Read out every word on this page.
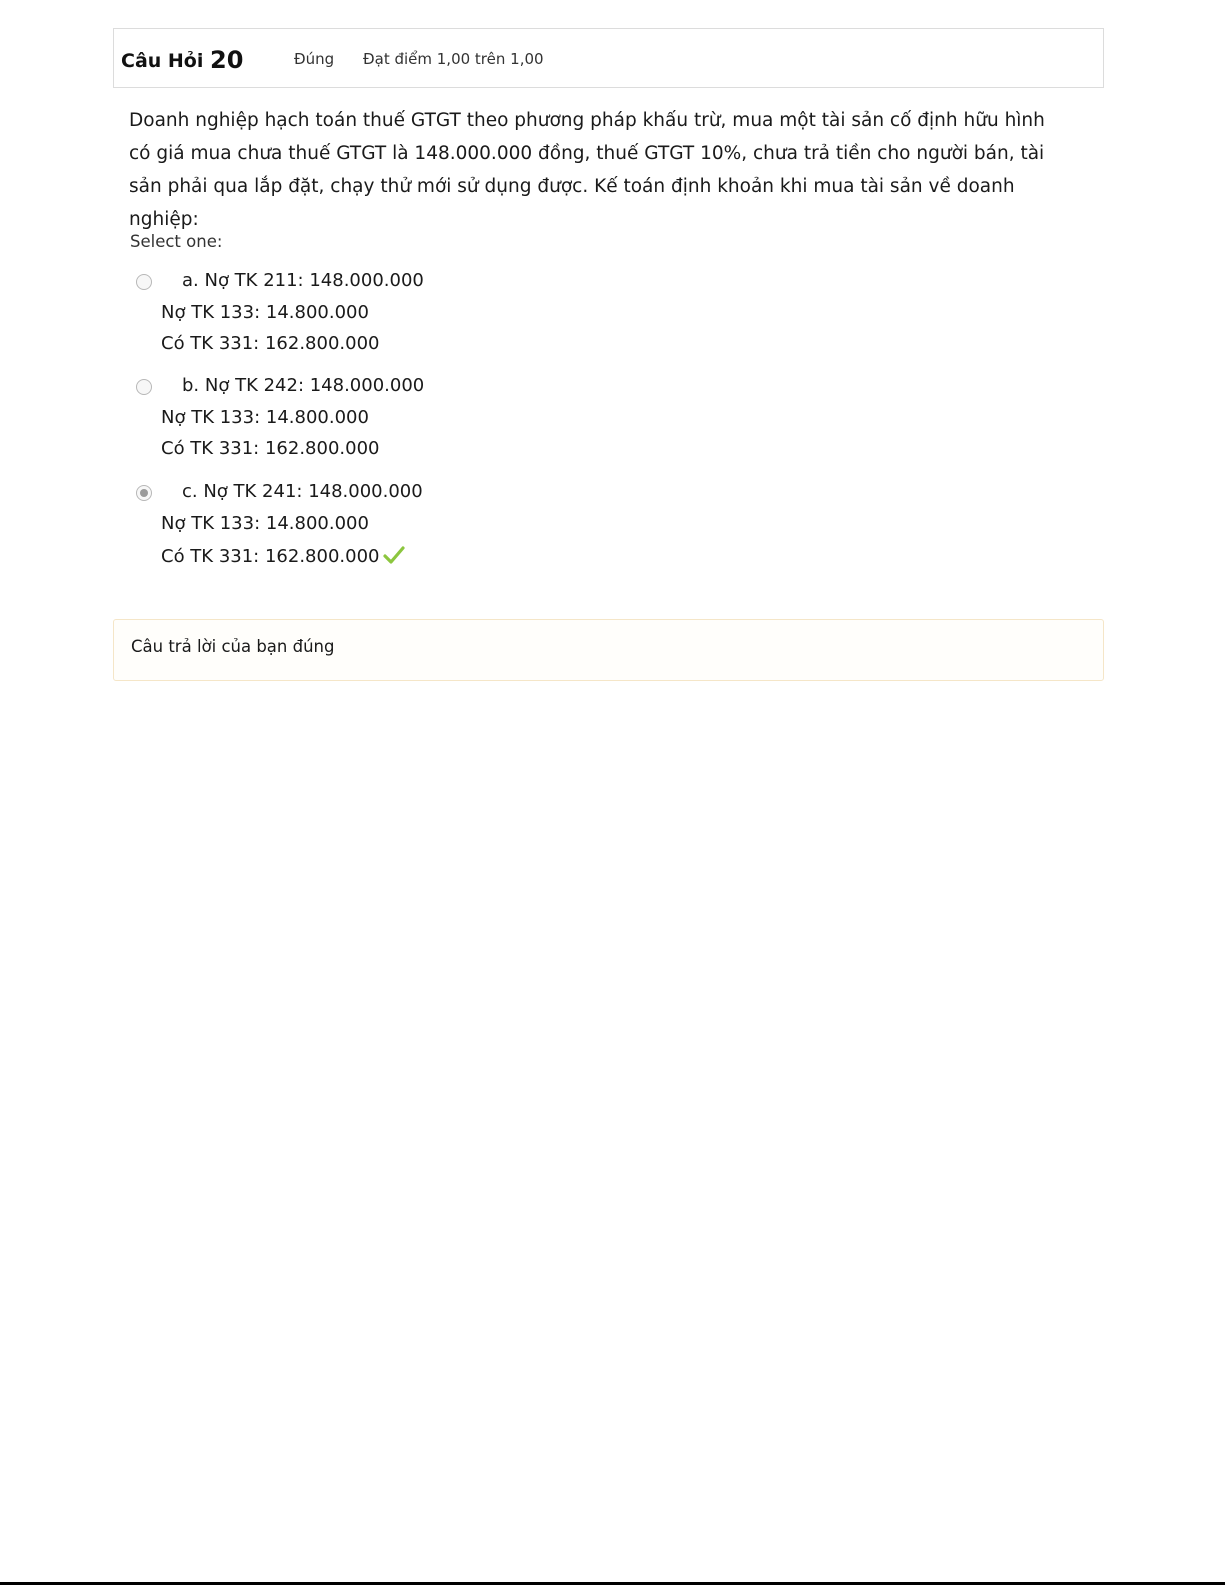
Câu Hỏi 20	Đúng Đạt điểm 1,00 trên 1,00
Doanh nghiệp hạch toán thuế GTGT theo phương pháp khấu trừ, mua một tài sản cố định hữu hình có giá mua chưa thuế GTGT là 148.000.000 đồng, thuế GTGT 10%, chưa trả tiền cho người bán, tài sản phải qua lắp đặt, chạy thử mới sử dụng được. Kế toán định khoản khi mua tài sản về doanh nghiệp:
Select one:
a. Nợ TK 211: 148.000.000
Nợ TK 133: 14.800.000
Có TK 331: 162.800.000
b. Nợ TK 242: 148.000.000
Nợ TK 133: 14.800.000
Có TK 331: 162.800.000
c. Nợ TK 241: 148.000.000
Nợ TK 133: 14.800.000
Có TK 331: 162.800.000
Câu trả lời của bạn đúng
